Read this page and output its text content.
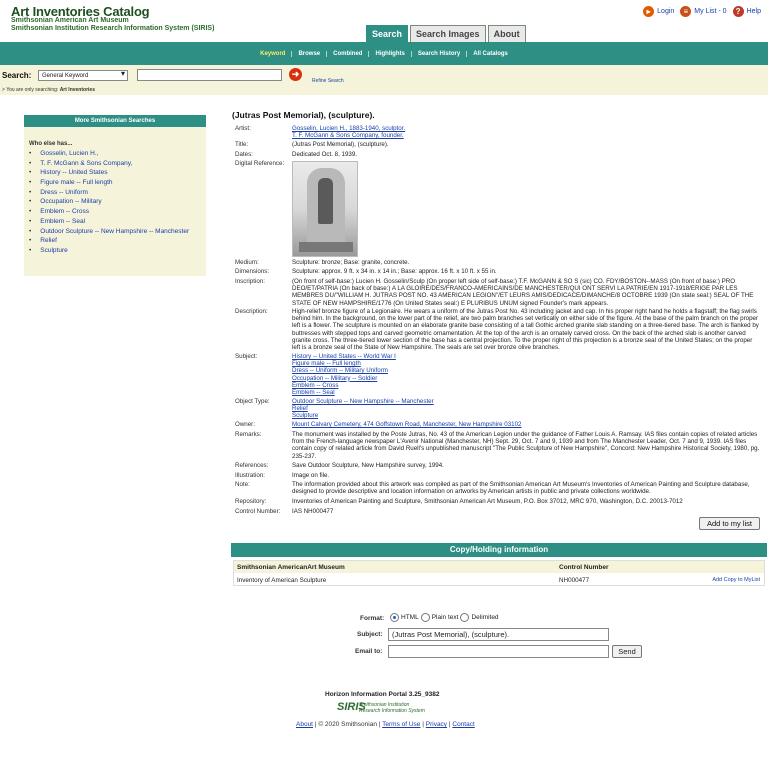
Art Inventories Catalog
Smithsonian American Art Museum
Smithsonian Institution Research Information System (SIRIS)
Search	Search Images	About
▸ Login	≡ My List - 0	? Help
Keyword	Browse	Combined	Highlights	Search History	All Catalogs
Search:	General Keyword ▾	➜
Refine Search
> You are only searching: Art Inventories
More Smithsonian Searches
Who else has...
• Gosselin, Lucien H.,
• T. F. McGann & Sons Company,
• History -- United States
• Figure male -- Full length
• Dress -- Uniform
• Occupation -- Military
• Emblem -- Cross
• Emblem -- Seal
• Outdoor Sculpture -- New Hampshire -- Manchester
• Relief
• Sculpture
(Jutras Post Memorial), (sculpture).
Artist:	Gosselin, Lucien H., 1883-1940, sculptor.
T. F. McGann & Sons Company, founder.
Title:	(Jutras Post Memorial), (sculpture).
Dates:	Dedicated Oct. 8, 1939.
Digital Reference:
Medium:	Sculpture: bronze; Base: granite, concrete.
Dimensions:	Sculpture: approx. 9 ft. x 34 in. x 14 in.; Base: approx. 16 ft. x 10 ft. x 55 in.
Inscription:	(On front of self-base:) Lucien H. Gosselin/Sculp (On proper left side of self-base:) T.F. McGANN & SO S (sic) CO. FDY/BOSTON--MASS (On front of base:) PRO DEO/ET/PATRIA (On back of base:) A LA GLOIRE/DES/FRANCO-AMERICAINS/DE MANCHESTER/QUI ONT SERVI LA PATRIE/EN 1917-1918/ERIGE PAR LES MEMBRES DU/"WILLIAM H. JUTRAS POST NO. 43 AMERICAN LEGION"/ET LEURS AMIS/DEDICACE/DIMANCHE/8 OCTOBRE 1939 (On state seal:) SEAL OF THE STATE OF NEW HAMPSHIRE/1776 (On United States seal:) E PLURIBUS UNUM signed Founder's mark appears.
Description:	High-relief bronze figure of a Legionaire. He wears a uniform of the Jutras Post No. 43 including jacket and cap. In his proper right hand he holds a flagstaff; the flag swirls behind him. In the background, on the lower part of the relief, are two palm branches set vertically on either side of the figure. At the base of the palm branch on the proper left is a flower. The sculpture is mounted on an elaborate granite base consisting of a tall Gothic arched granite slab standing on a three-tiered base. The arch is flanked by buttresses with stepped tops and carved geometric ornamentation. At the top of the arch is an ornately carved cross. On the back of the arched slab is another carved granite cross. The three-tiered lower section of the base has a central projection. To the proper right of this projection is a bronze seal of the United States; on the proper left is a bronze seal of the State of New Hampshire. The seals are set over bronze olive branches.
Subject:	History -- United States -- World War I
Figure male -- Full length
Dress -- Uniform -- Military Uniform
Occupation -- Military -- Soldier
Emblem -- Cross
Emblem -- Seal
Object Type:	Outdoor Sculpture -- New Hampshire -- Manchester
Relief
Sculpture
Owner:	Mount Calvary Cemetery, 474 Goffstown Road, Manchester, New Hampshire 03102
Remarks:	The monument was installed by the Poste Jutras, No. 43 of the American Legion under the guidance of Father Louis A. Ramsay. IAS files contain copies of related articles from the French-language newspaper L'Avenir National (Manchester, NH) Sept. 29, Oct. 7 and 9, 1939 and from The Manchester Leader, Oct. 7 and 9, 1939. IAS files contain copy of related article from David Ruell's unpublished manuscript "The Public Sculpture of New Hampshire", Concord: New Hampshire Historical Society, 1980, pg. 235-237.
References:	Save Outdoor Sculpture, New Hampshire survey, 1994.
Illustration:	Image on file.
Note:	The information provided about this artwork was compiled as part of the Smithsonian American Art Museum's Inventories of American Painting and Sculpture database, designed to provide descriptive and location information on artworks by American artists in public and private collections worldwide.
Repository:	Inventories of American Painting and Sculpture, Smithsonian American Art Museum, P.O. Box 37012, MRC 970, Washington, D.C. 20013-7012
Control Number:	IAS NH000477
Add to my list
Copy/Holding information
Smithsonian AmericanArt Museum	Control Number
Inventory of American Sculpture	NH000477	Add Copy to MyList
Format:	HTML Plain text Delimited
Subject:	(Jutras Post Memorial), (sculpture).
Email to:	Send
Horizon Information Portal 3.25_9382
SIRIS
Smithsonian Institution
Research Information System
About | © 2020 Smithsonian | Terms of Use | Privacy | Contact
